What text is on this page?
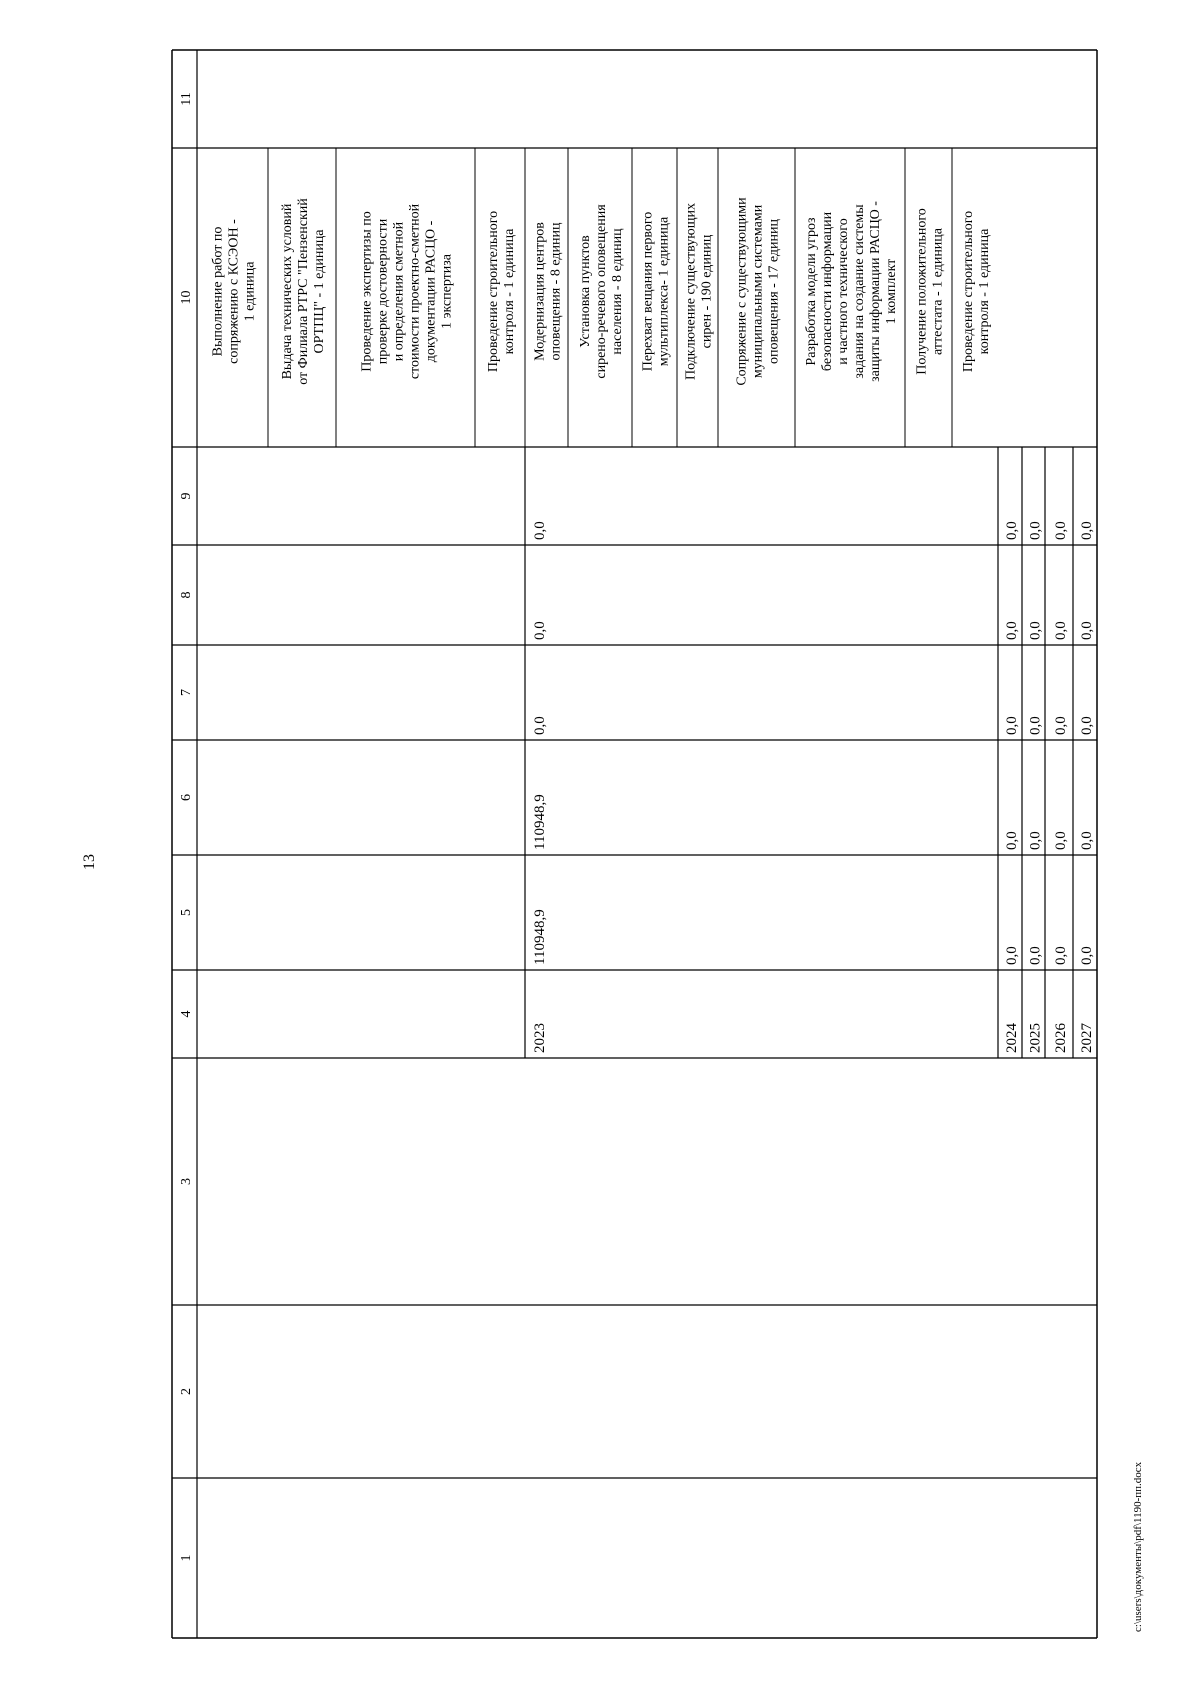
13
1
2
3
4
5
6
7
8
9
10
11
Выполнение работ по сопряжению с КСЭОН - 1 единица Выдача технических условий от Филиала РТРС "Пензенский ОРТПЦ" - 1 единица Проведение экспертизы по проверке достоверности и определения сметной стоимости проектно-сметной документации РАСЦО - 1 экспертиза Проведение строительного контроля - 1 единица Модернизация центров оповещения - 8 единиц Установка пунктов сирено-речевого оповещения населения - 8 единиц Перехват вещания первого мультиплекса- 1 единица Подключение существующих сирен - 190 единиц Сопряжение с существующими муниципальными системами оповещения - 17 единиц Разработка модели угроз безопасности информации и частного технического задания на создание системы защиты информации РАСЦО - 1 комплект Получение положительного аттестата - 1 единица Проведение строительного контроля - 1 единица
2023
110948,9
110948,9
0,0
0,0
0,0
2024
0,0
0,0
0,0
0,0
0,0
2025
0,0
0,0
0,0
0,0
0,0
2026
0,0
0,0
0,0
0,0
0,0
2027
0,0
0,0
0,0
0,0
0,0
c:\users\документы\pdf\1190-пп.docx
